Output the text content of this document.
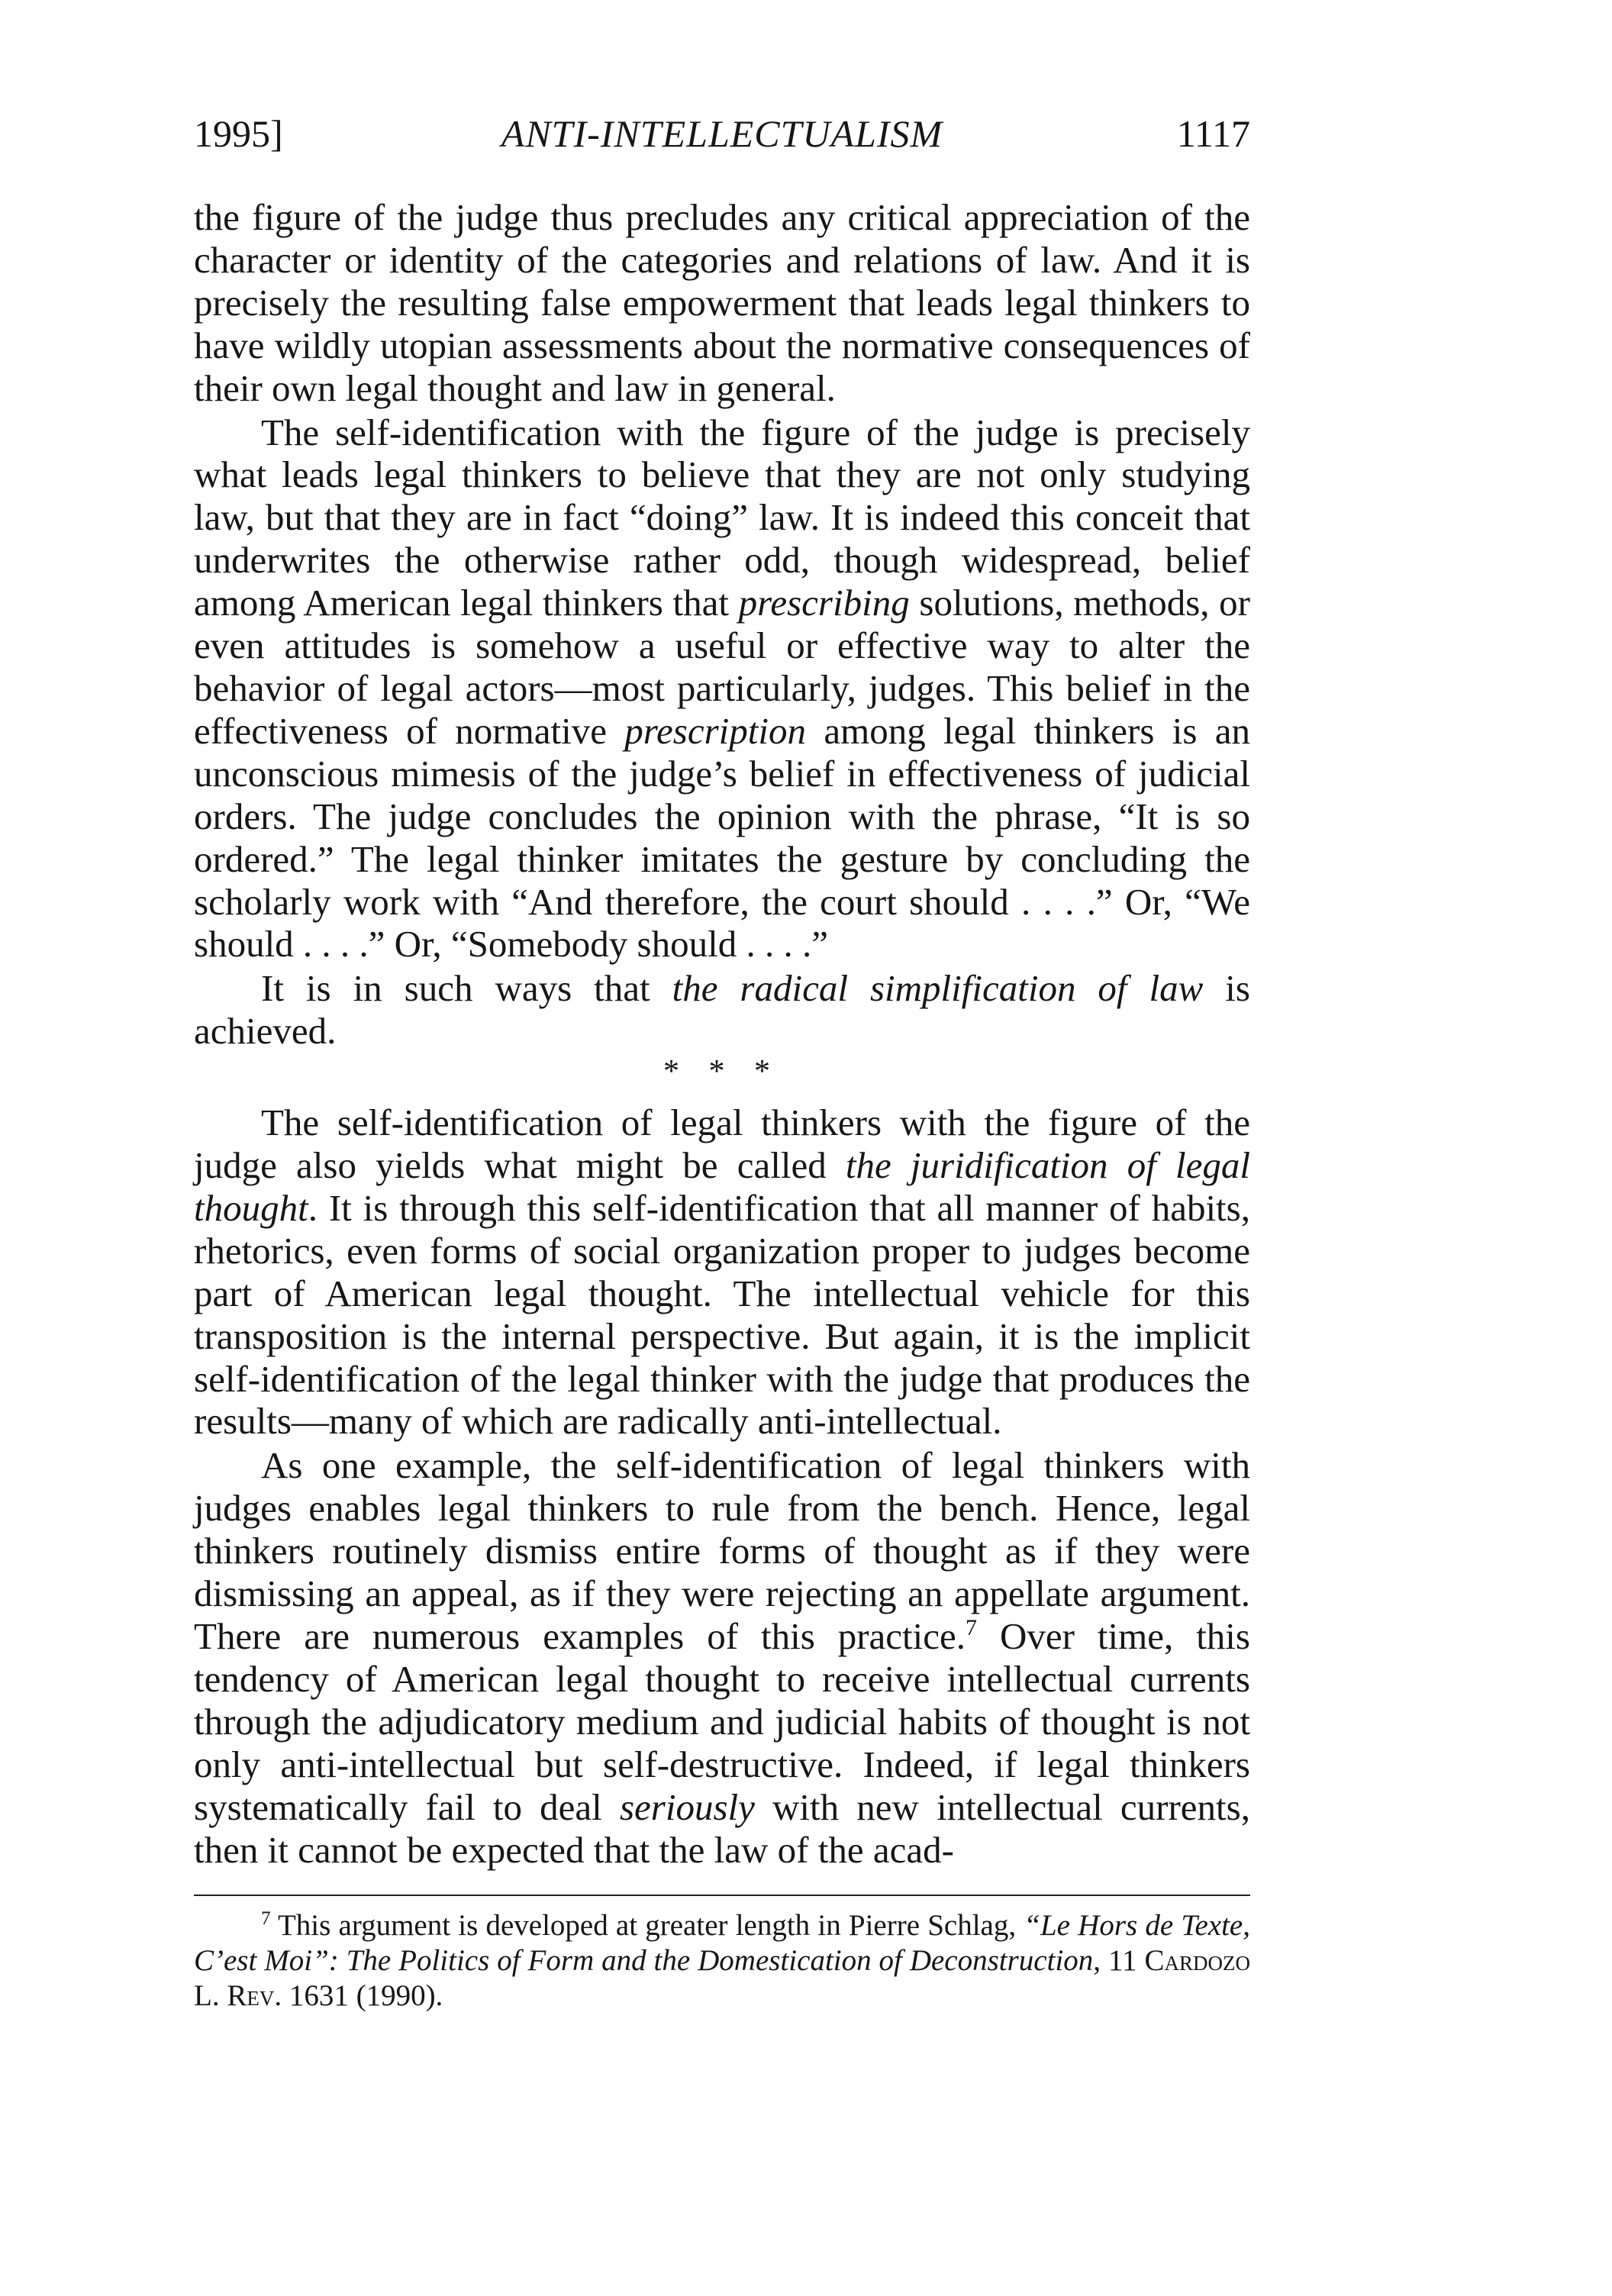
1995]	ANTI-INTELLECTUALISM	1117

the figure of the judge thus precludes any critical appreciation of the character or identity of the categories and relations of law. And it is precisely the resulting false empowerment that leads legal thinkers to have wildly utopian assessments about the normative consequences of their own legal thought and law in general.

The self-identification with the figure of the judge is precisely what leads legal thinkers to believe that they are not only studying law, but that they are in fact “doing” law. It is indeed this conceit that underwrites the otherwise rather odd, though widespread, belief among American legal thinkers that prescribing solutions, methods, or even attitudes is somehow a useful or effective way to alter the behavior of legal actors—most particularly, judges. This belief in the effectiveness of normative prescription among legal thinkers is an unconscious mimesis of the judge’s belief in effectiveness of judicial orders. The judge concludes the opinion with the phrase, “It is so ordered.” The legal thinker imitates the gesture by concluding the scholarly work with “And therefore, the court should . . . .” Or, “We should . . . .” Or, “Somebody should . . . .”

It is in such ways that the radical simplification of law is achieved.

* * *

The self-identification of legal thinkers with the figure of the judge also yields what might be called the juridification of legal thought. It is through this self-identification that all manner of habits, rhetorics, even forms of social organization proper to judges become part of American legal thought. The intellectual vehicle for this transposition is the internal perspective. But again, it is the implicit self-identification of the legal thinker with the judge that produces the results—many of which are radically anti-intellectual.

As one example, the self-identification of legal thinkers with judges enables legal thinkers to rule from the bench. Hence, legal thinkers routinely dismiss entire forms of thought as if they were dismissing an appeal, as if they were rejecting an appellate argument. There are numerous examples of this practice.$^7$ Over time, this tendency of American legal thought to receive intellectual currents through the adjudicatory medium and judicial habits of thought is not only anti-intellectual but self-destructive. Indeed, if legal thinkers systematically fail to deal seriously with new intellectual currents, then it cannot be expected that the law of the acad-

$^7$ This argument is developed at greater length in Pierre Schlag, “Le Hors de Texte, C’est Moi”: The Politics of Form and the Domestication of Deconstruction, 11 Cardozo L. Rev. 1631 (1990).
